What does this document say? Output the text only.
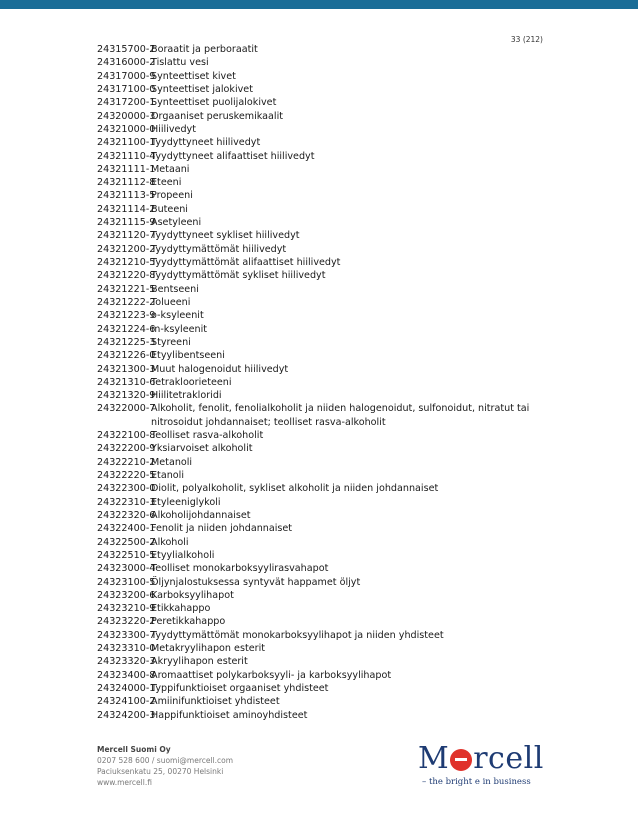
33 (212)
24315700-2
Boraatit ja perboraatit
24316000-2
Tislattu vesi
24317000-9
Synteettiset kivet
24317100-0
Synteettiset jalokivet
24317200-1
Synteettiset puolijalokivet
24320000-3
Orgaaniset peruskemikaalit
24321000-0
Hiilivedyt
24321100-1
Tyydyttyneet hiilivedyt
24321110-4
Tyydyttyneet alifaattiset hiilivedyt
24321111-1
Metaani
24321112-8
Eteeni
24321113-5
Propeeni
24321114-2
Buteeni
24321115-9
Asetyleeni
24321120-7
Tyydyttyneet sykliset hiilivedyt
24321200-2
Tyydyttymättömät hiilivedyt
24321210-5
Tyydyttymättömät alifaattiset hiilivedyt
24321220-8
Tyydyttymättömät sykliset hiilivedyt
24321221-5
Bentseeni
24321222-2
Tolueeni
24321223-9
o-ksyleenit
24321224-6
m-ksyleenit
24321225-3
Styreeni
24321226-0
Etyylibentseeni
24321300-3
Muut halogenoidut hiilivedyt
24321310-6
Tetrakloorieteeni
24321320-9
Hiilitetrakloridi
24322000-7
Alkoholit, fenolit, fenolialkoholit ja niiden halogenoidut, sulfonoidut, nitratut tai nitrosoidut johdannaiset; teolliset rasva-alkoholit
24322100-8
Teolliset rasva-alkoholit
24322200-9
Yksiarvoiset alkoholit
24322210-2
Metanoli
24322220-5
Etanoli
24322300-0
Diolit, polyalkoholit, sykliset alkoholit ja niiden johdannaiset
24322310-3
Etyleeniglykoli
24322320-6
Alkoholijohdannaiset
24322400-1
Fenolit ja niiden johdannaiset
24322500-2
Alkoholi
24322510-5
Etyylialkoholi
24323000-4
Teolliset monokarboksyylirasvahapot
24323100-5
Öljynjalostuksessa syntyvät happamet öljyt
24323200-6
Karboksyylihapot
24323210-9
Etikkahappo
24323220-2
Peretikkahappo
24323300-7
Tyydyttymättömät monokarboksyylihapot ja niiden yhdisteet
24323310-0
Metakryylihapon esterit
24323320-3
Akryylihapon esterit
24323400-8
Aromaattiset polykarboksyyli- ja karboksyylihapot
24324000-1
Typpifunktioiset orgaaniset yhdisteet
24324100-2
Amiinifunktioiset yhdisteet
24324200-3
Happifunktioiset aminoyhdisteet
Mercell Suomi Oy
0207 528 600 / suomi@mercell.com
Paciuksenkatu 25, 00270 Helsinki
www.mercell.fi
M rcell
– the bright e in business
